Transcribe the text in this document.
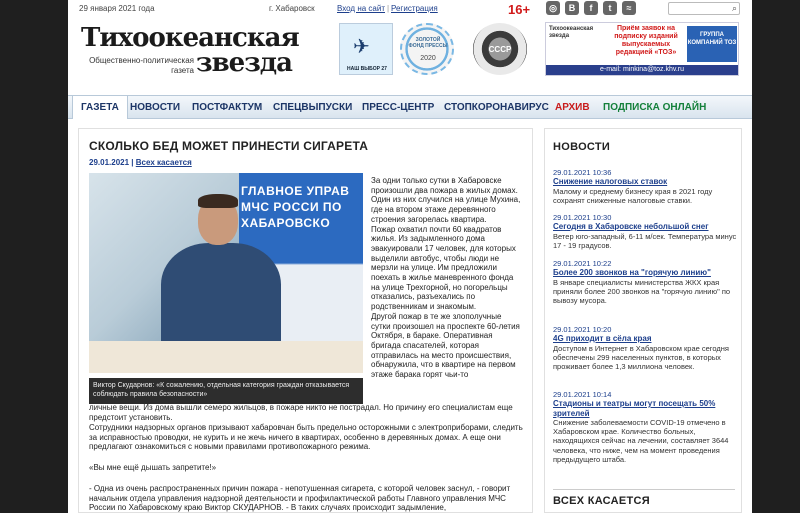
29 января 2021 года	г. Хабаровск	Вход на сайт | Регистрация	16+	◎	В	f	t	≈	⌕
Тихоокеанская
Общественно-политическая газета звезда
✈
НАШ ВЫБОР 27
ЗОЛОТОЙ ФОНД ПРЕССЫ
2020
СССР
Тихоокеанская звезда
Приём заявок на подписку изданий выпускаемых редакцией «ТОЗ»
ГРУППА КОМПАНИЙ ТОЗ
e-mail: minkina@toz.khv.ru
ГАЗЕТА	НОВОСТИ ПОСТФАКТУМ СПЕЦВЫПУСКИ ПРЕСС-ЦЕНТР СТОПКОРОНАВИРУС АРХИВ ПОДПИСКА ОНЛАЙН
СКОЛЬКО БЕД МОЖЕТ ПРИНЕСТИ СИГАРЕТА
29.01.2021 | Всех касается
ГЛАВНОЕ УПРАВ МЧС РОССИ ПО ХАБАРОВСКО
Виктор Скударнов: «К сожалению, отдельная категория граждан отказывается соблюдать правила безопасности»

За одни только сутки в Хабаровске произошли два пожара в жилых домах. Один из них случился на улице Мухина, где на втором этаже деревянного строения загорелась квартира.

Пожар охватил почти 60 квадратов жилья. Из задымленного дома эвакуировали 17 человек, для которых выделили автобус, чтобы люди не мерзли на улице. Им предложили поехать в жилье маневренного фонда на улице Трехгорной, но погорельцы отказались, разъехались по родственникам и знакомым.

Другой пожар в те же злополучные сутки произошел на проспекте 60-летия Октября, в бараке. Оперативная бригада спасателей, которая отправилась на место происшествия, обнаружила, что в квартире на первом этаже барака горят чьи-то

личные вещи. Из дома вышли семеро жильцов, в пожаре никто не пострадал. Но причину его специалистам еще предстоит установить.
Сотрудники надзорных органов призывают хабаровчан быть предельно осторожными с электроприборами, следить за исправностью проводки, не курить и не жечь ничего в квартирах, особенно в деревянных домах. А еще они предлагают ознакомиться с новыми правилами противопожарного режима.
«Вы мне ещё дышать запретите!»
- Одна из очень распространенных причин пожара - непотушенная сигарета, с которой человек заснул, - говорит начальник отдела управления надзорной деятельности и профилактической работы Главного управления МЧС России по Хабаровскому краю Виктор СКУДАРНОВ. - В таких случаях происходит задымление,
НОВОСТИ
29.01.2021 10:36
Снижение налоговых ставок
Малому и среднему бизнесу края в 2021 году сохранят сниженные налоговые ставки.
29.01.2021 10:30
Сегодня в Хабаровске небольшой снег
Ветер юго-западный, 6-11 м/сек. Температура минус 17 - 19 градусов.
29.01.2021 10:22
Более 200 звонков на "горячую линию"
В январе специалисты министерства ЖКХ края приняли более 200 звонков на "горячую линию" по вывозу мусора.
29.01.2021 10:20
4G приходит в сёла края
Доступом в Интернет в Хабаровском крае сегодня обеспечены 299 населенных пунктов, в которых проживает более 1,3 миллиона человек.
29.01.2021 10:14
Стадионы и театры могут посещать 50% зрителей
Снижение заболеваемости COVID-19 отмечено в Хабаровском крае. Количество больных, находящихся сейчас на лечении, составляет 3644 человека, что ниже, чем на момент проведения предыдущего штаба.
ВСЕХ КАСАЕТСЯ
